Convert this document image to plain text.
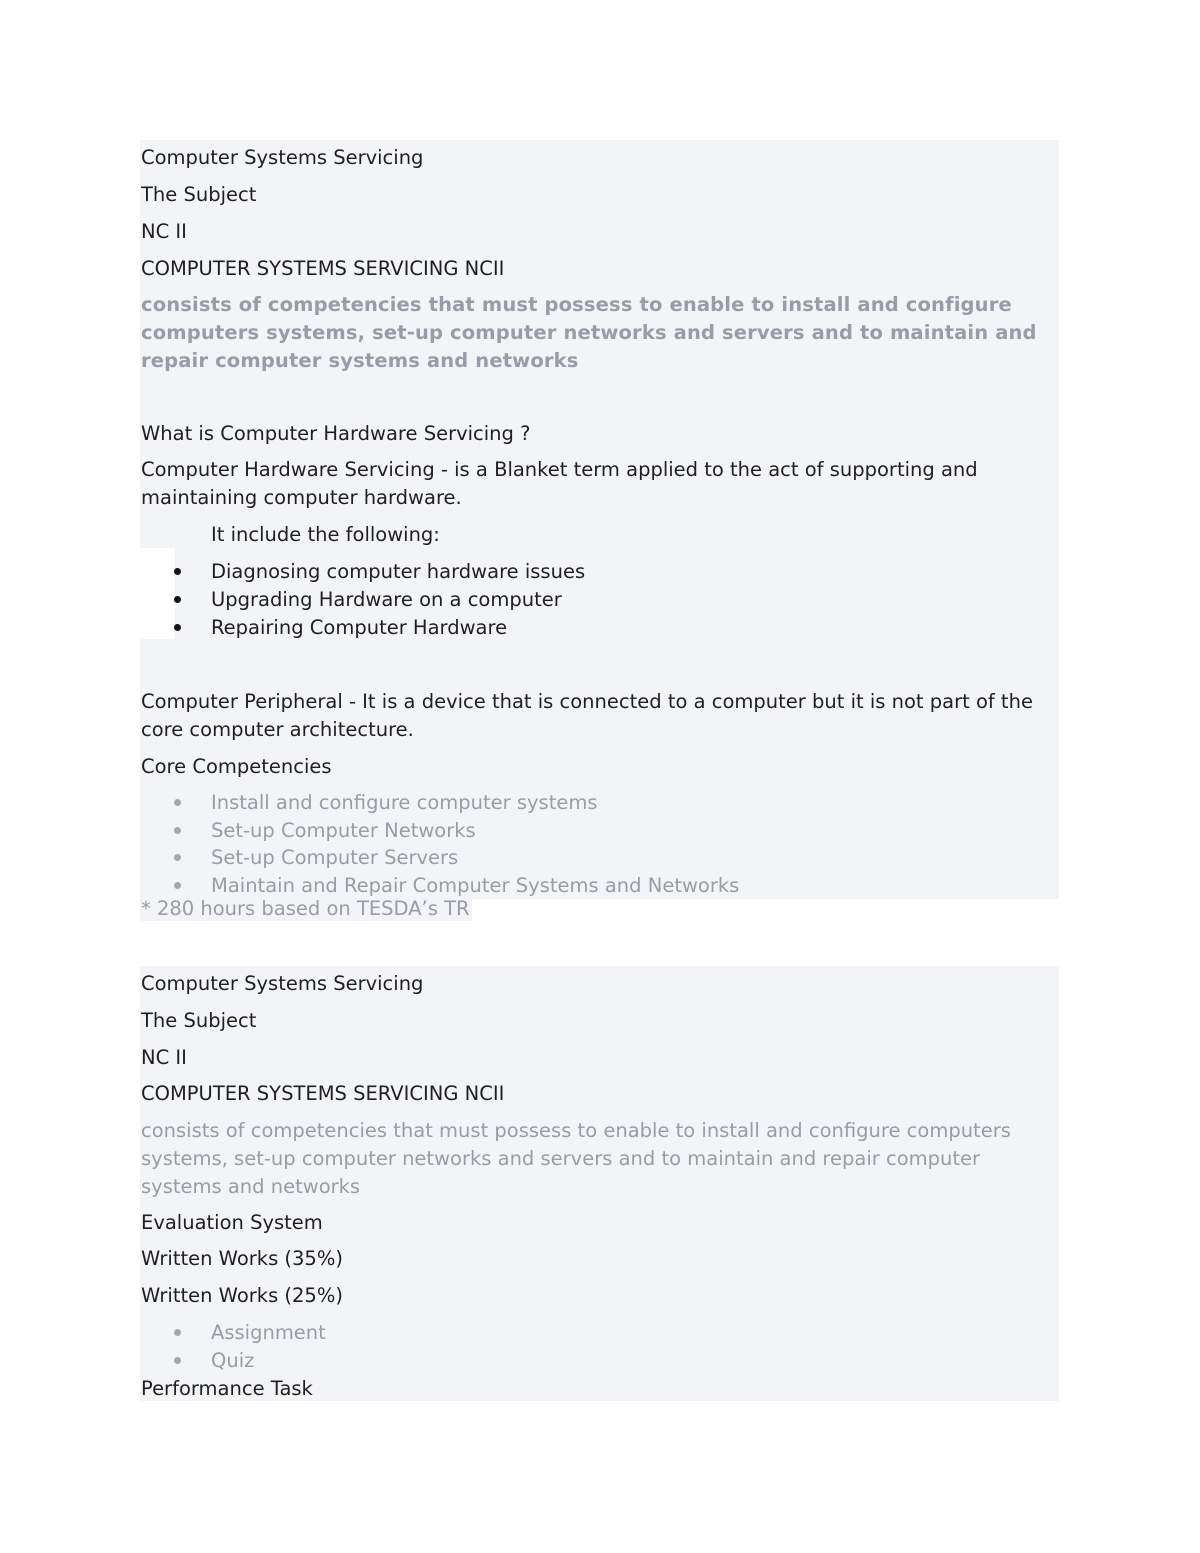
Computer Systems Servicing

The Subject

NC II

COMPUTER SYSTEMS SERVICING NCII

consists of competencies that must possess to enable to install and configure computers systems, set-up computer networks and servers and to maintain and repair computer systems and networks

What is Computer Hardware Servicing ?

Computer Hardware Servicing - is a Blanket term applied to the act of supporting and maintaining computer hardware.

It include the following:

Diagnosing computer hardware issues

Upgrading Hardware on a computer

Repairing Computer Hardware

Computer Peripheral - It is a device that is connected to a computer but it is not part of the core computer architecture.

Core Competencies

Install and configure computer systems

Set-up Computer Networks

Set-up Computer Servers

Maintain and Repair Computer Systems and Networks

* 280 hours based on TESDA’s TR

Computer Systems Servicing

The Subject

NC II

COMPUTER SYSTEMS SERVICING NCII

consists of competencies that must possess to enable to install and configure computers systems, set-up computer networks and servers and to maintain and repair computer systems and networks

Evaluation System

Written Works (35%)

Written Works (25%)

Assignment

Quiz

Performance Task
